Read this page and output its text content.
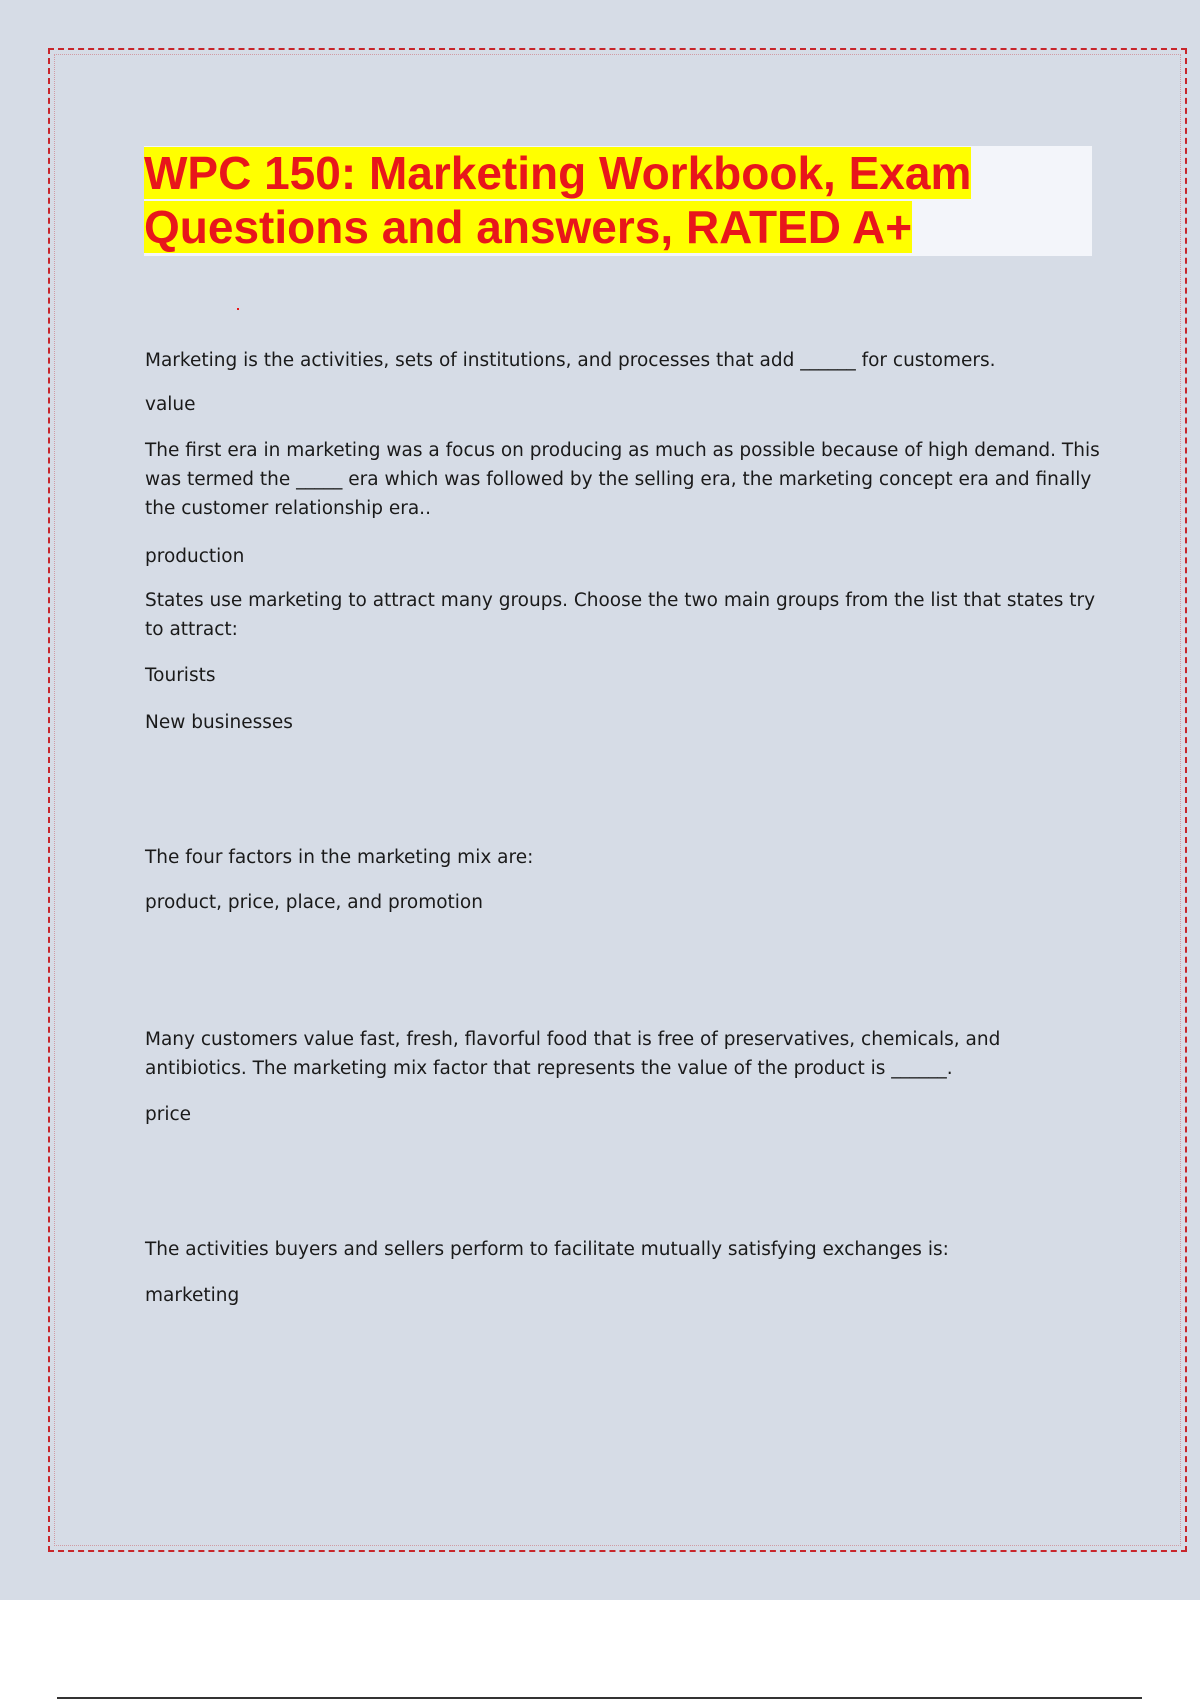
WPC 150: Marketing Workbook, Exam Questions and answers, RATED A+

Marketing is the activities, sets of institutions, and processes that add ______ for customers.

value

The first era in marketing was a focus on producing as much as possible because of high demand. This was termed the _____ era which was followed by the selling era, the marketing concept era and finally the customer relationship era..

production

States use marketing to attract many groups. Choose the two main groups from the list that states try to attract:

Tourists

New businesses

The four factors in the marketing mix are:

product, price, place, and promotion

Many customers value fast, fresh, flavorful food that is free of preservatives, chemicals, and antibiotics. The marketing mix factor that represents the value of the product is ______.

price

The activities buyers and sellers perform to facilitate mutually satisfying exchanges is:

marketing
